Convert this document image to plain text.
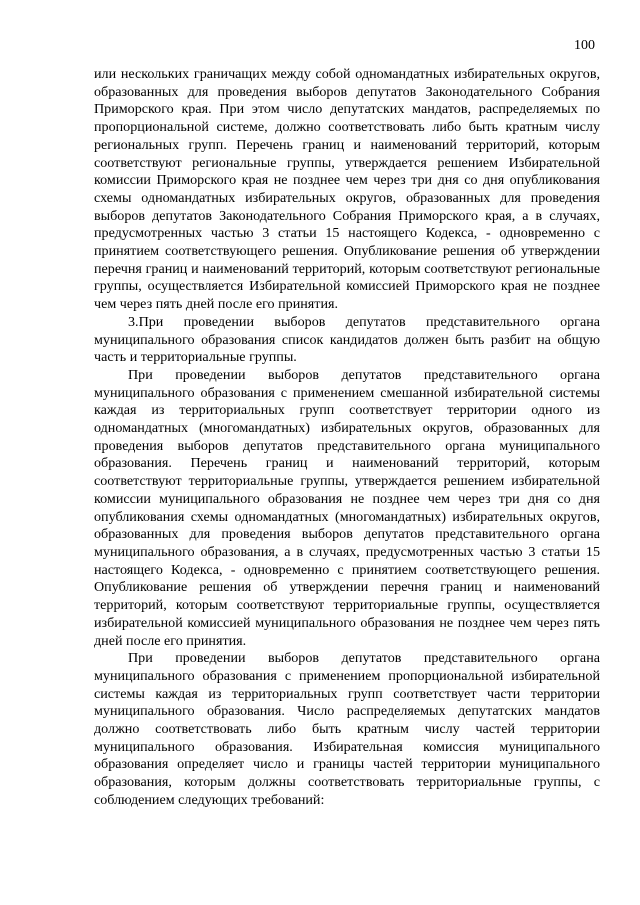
100

или нескольких граничащих между собой одномандатных избирательных округов, образованных для проведения выборов депутатов Законодательного Собрания Приморского края. При этом число депутатских мандатов, распределяемых по пропорциональной системе, должно соответствовать либо быть кратным числу региональных групп. Перечень границ и наименований территорий, которым соответствуют региональные группы, утверждается решением Избирательной комиссии Приморского края не позднее чем через три дня со дня опубликования схемы одномандатных избирательных округов, образованных для проведения выборов депутатов Законодательного Собрания Приморского края, а в случаях, предусмотренных частью 3 статьи 15 настоящего Кодекса, - одновременно с принятием соответствующего решения. Опубликование решения об утверждении перечня границ и наименований территорий, которым соответствуют региональные группы, осуществляется Избирательной комиссией Приморского края не позднее чем через пять дней после его принятия.

3.При проведении выборов депутатов представительного органа муниципального образования список кандидатов должен быть разбит на общую часть и территориальные группы.

При проведении выборов депутатов представительного органа муниципального образования с применением смешанной избирательной системы каждая из территориальных групп соответствует территории одного из одномандатных (многомандатных) избирательных округов, образованных для проведения выборов депутатов представительного органа муниципального образования. Перечень границ и наименований территорий, которым соответствуют территориальные группы, утверждается решением избирательной комиссии муниципального образования не позднее чем через три дня со дня опубликования схемы одномандатных (многомандатных) избирательных округов, образованных для проведения выборов депутатов представительного органа муниципального образования, а в случаях, предусмотренных частью 3 статьи 15 настоящего Кодекса, - одновременно с принятием соответствующего решения. Опубликование решения об утверждении перечня границ и наименований территорий, которым соответствуют территориальные группы, осуществляется избирательной комиссией муниципального образования не позднее чем через пять дней после его принятия.

При проведении выборов депутатов представительного органа муниципального образования с применением пропорциональной избирательной системы каждая из территориальных групп соответствует части территории муниципального образования. Число распределяемых депутатских мандатов должно соответствовать либо быть кратным числу частей территории муниципального образования. Избирательная комиссия муниципального образования определяет число и границы частей территории муниципального образования, которым должны соответствовать территориальные группы, с соблюдением следующих требований:
